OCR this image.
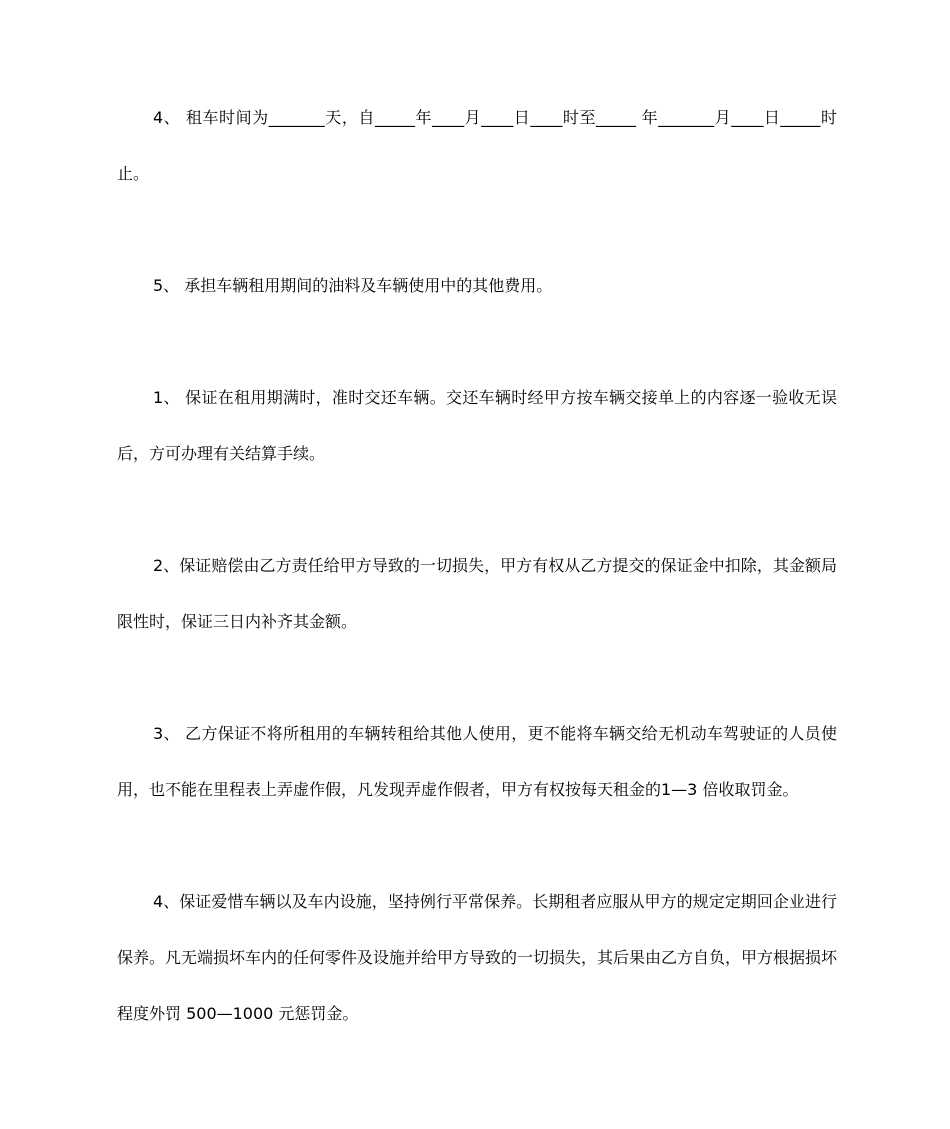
4、 租车时间为_______天，自_____年____月____日____时至_____ 年_______月____日_____时止。

5、 承担车辆租用期间的油料及车辆使用中的其他费用。

1、 保证在租用期满时，准时交还车辆。交还车辆时经甲方按车辆交接单上的内容逐一验收无误后，方可办理有关结算手续。

2、保证赔偿由乙方责任给甲方导致的一切损失，甲方有权从乙方提交的保证金中扣除，其金额局限性时，保证三日内补齐其金额。

3、 乙方保证不将所租用的车辆转租给其他人使用，更不能将车辆交给无机动车驾驶证的人员使用，也不能在里程表上弄虚作假，凡发现弄虚作假者，甲方有权按每天租金的1—3 倍收取罚金。

4、保证爱惜车辆以及车内设施，坚持例行平常保养。长期租者应服从甲方的规定定期回企业进行保养。凡无端损坏车内的任何零件及设施并给甲方导致的一切损失，其后果由乙方自负，甲方根据损坏程度外罚 500—1000 元惩罚金。
